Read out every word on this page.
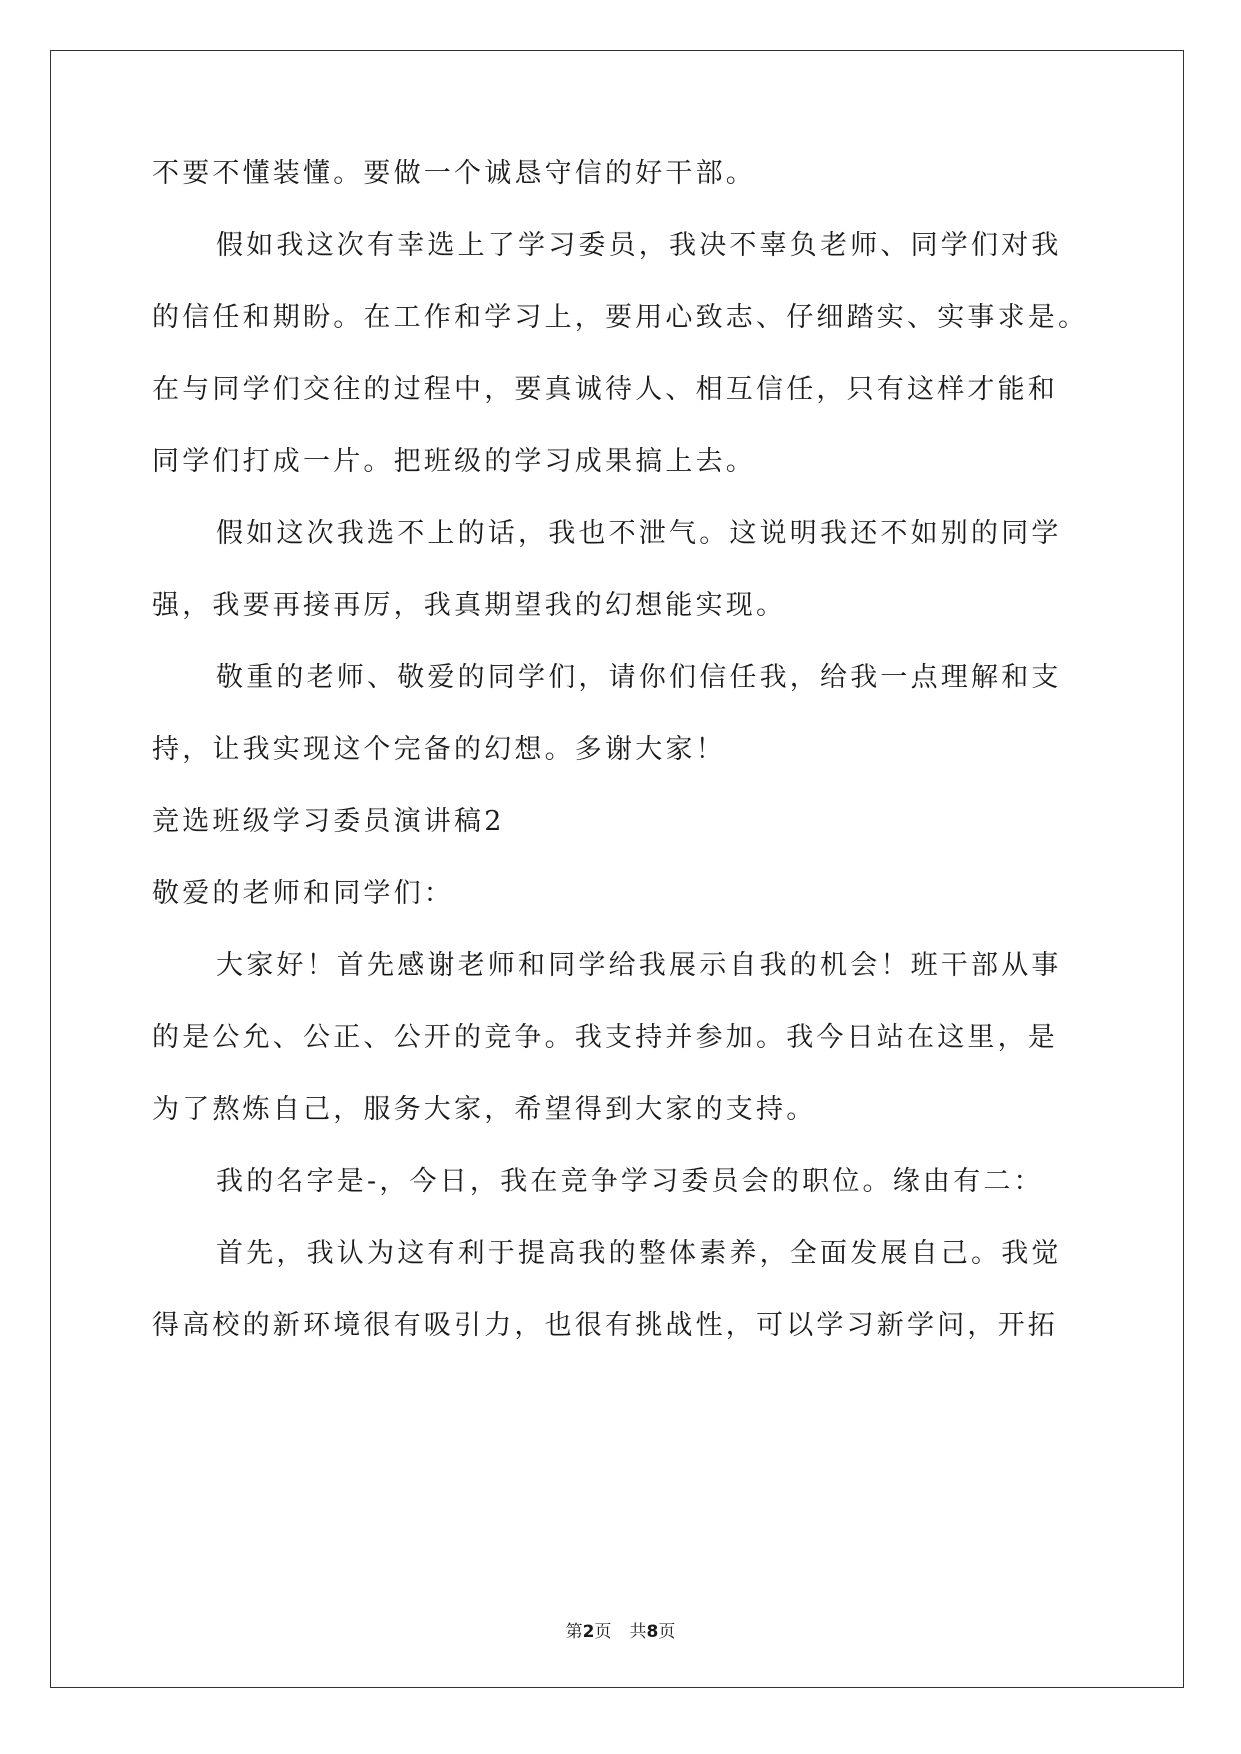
不要不懂装懂。要做一个诚恳守信的好干部。
假如我这次有幸选上了学习委员，我决不辜负老师、同学们对我
的信任和期盼。在工作和学习上，要用心致志、仔细踏实、实事求是。
在与同学们交往的过程中，要真诚待人、相互信任，只有这样才能和
同学们打成一片。把班级的学习成果搞上去。
假如这次我选不上的话，我也不泄气。这说明我还不如别的同学
强，我要再接再厉，我真期望我的幻想能实现。
敬重的老师、敬爱的同学们，请你们信任我，给我一点理解和支
持，让我实现这个完备的幻想。多谢大家！
竞选班级学习委员演讲稿2
敬爱的老师和同学们：
大家好！首先感谢老师和同学给我展示自我的机会！班干部从事
的是公允、公正、公开的竞争。我支持并参加。我今日站在这里，是
为了熬炼自己，服务大家，希望得到大家的支持。
我的名字是-，今日，我在竞争学习委员会的职位。缘由有二：
首先，我认为这有利于提高我的整体素养，全面发展自己。我觉
得高校的新环境很有吸引力，也很有挑战性，可以学习新学问，开拓
第2页 共8页
